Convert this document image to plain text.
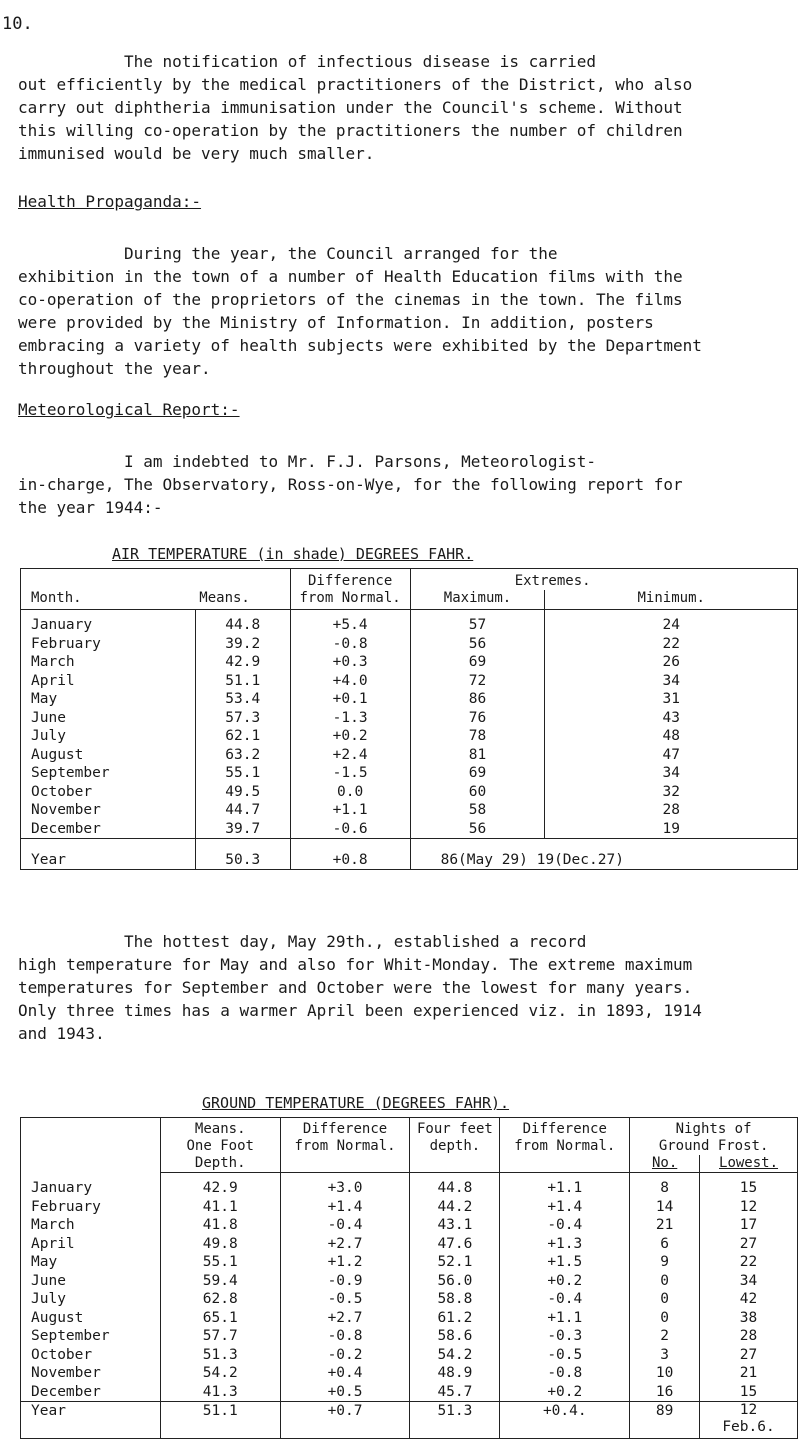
10.
The notification of infectious disease is carried
out efficiently by the medical practitioners of the District, who also
carry out diphtheria immunisation under the Council's scheme. Without
this willing co-operation by the practitioners the number of children
immunised would be very much smaller.
Health Propaganda:-
During the year, the Council arranged for the
exhibition in the town of a number of Health Education films with the
co-operation of the proprietors of the cinemas in the town. The films
were provided by the Ministry of Information. In addition, posters
embracing a variety of health subjects were exhibited by the Department
throughout the year.
Meteorological Report:-
I am indebted to Mr. F.J. Parsons, Meteorologist-
in-charge, The Observatory, Ross-on-Wye, for the following report for
the year 1944:-
AIR TEMPERATURE (in shade) DEGREES FAHR.
Month.	Means.	Difference	Extremes.		
		from Normal.	Maximum.	Minimum.	
January	44.8	+5.4	57	24	
February	39.2	-0.8	56	22	
March	42.9	+0.3	69	26	
April	51.1	+4.0	72	34	
May	53.4	+0.1	86	31	
June	57.3	-1.3	76	43	
July	62.1	+0.2	78	48	
August	63.2	+2.4	81	47	
September	55.1	-1.5	69	34	
October	49.5	0.0	60	32	
November	44.7	+1.1	58	28	
December	39.7	-0.6	56	19	
Year	50.3	+0.8	86(May 29) 19(Dec.27)		
The hottest day, May 29th., established a record
high temperature for May and also for Whit-Monday. The extreme maximum
temperatures for September and October were the lowest for many years.
Only three times has a warmer April been experienced viz. in 1893, 1914
and 1943.
GROUND TEMPERATURE (DEGREES FAHR).
	Means.	Difference	Four feet	Difference	Nights of	
	One Foot	from Normal.	depth.	from Normal.	Ground Frost.	
	Depth.				No.	Lowest.
January	42.9	+3.0	44.8	+1.1	8	15
February	41.1	+1.4	44.2	+1.4	14	12
March	41.8	-0.4	43.1	-0.4	21	17
April	49.8	+2.7	47.6	+1.3	6	27
May	55.1	+1.2	52.1	+1.5	9	22
June	59.4	-0.9	56.0	+0.2	0	34
July	62.8	-0.5	58.8	-0.4	0	42
August	65.1	+2.7	61.2	+1.1	0	38
September	57.7	-0.8	58.6	-0.3	2	28
October	51.3	-0.2	54.2	-0.5	3	27
November	54.2	+0.4	48.9	-0.8	10	21
December	41.3	+0.5	45.7	+0.2	16	15
Year	51.1	+0.7	51.3	+0.4.	89	12
Feb.6.
